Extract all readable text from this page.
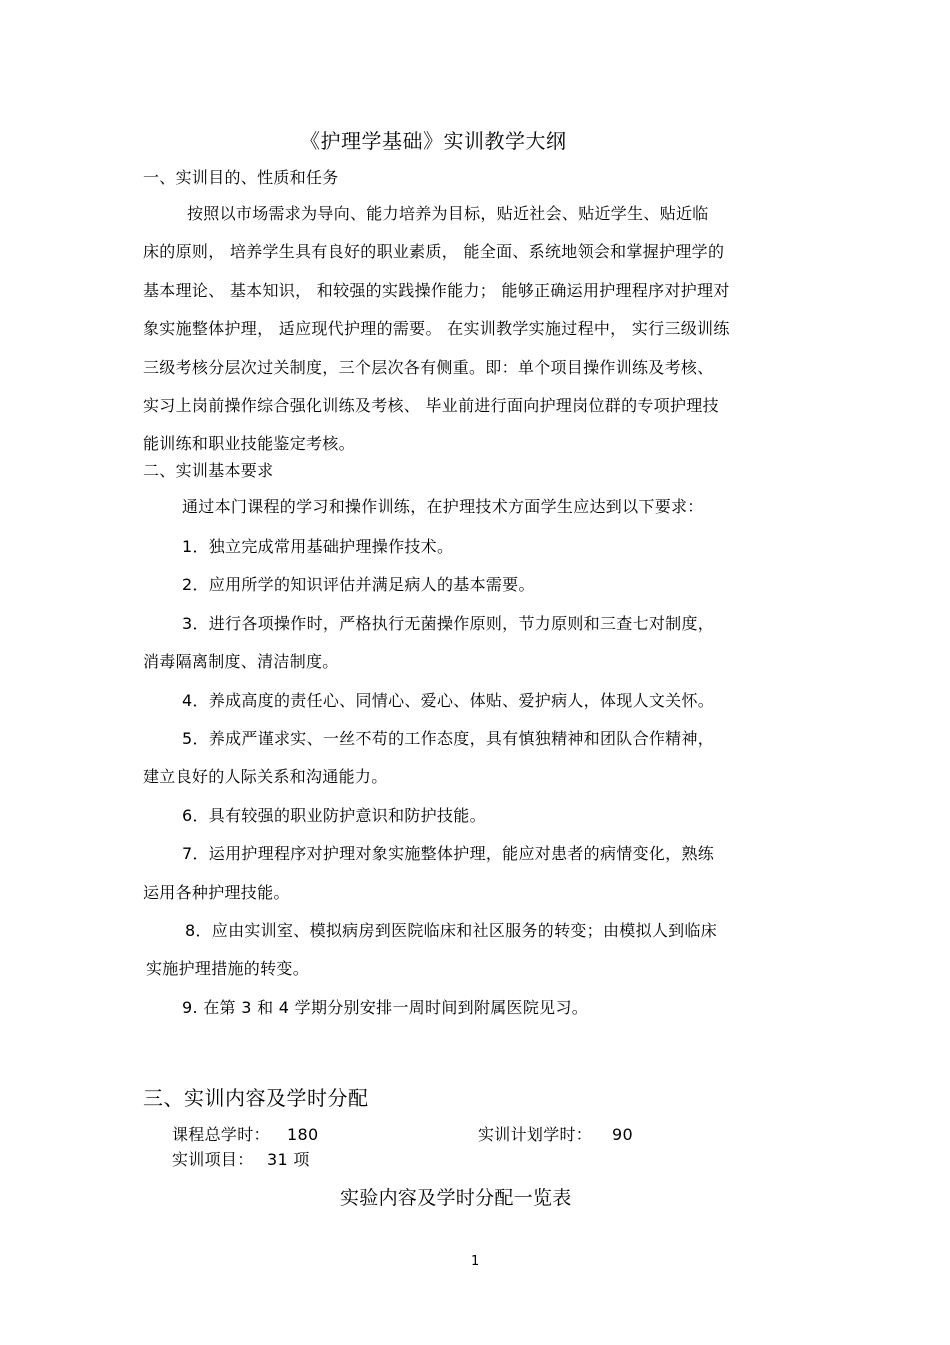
《护理学基础》实训教学大纲
一、实训目的、性质和任务
按照以市场需求为导向、能力培养为目标，贴近社会、贴近学生、贴近临
床的原则， 培养学生具有良好的职业素质， 能全面、系统地领会和掌握护理学的
基本理论、 基本知识， 和较强的实践操作能力； 能够正确运用护理程序对护理对
象实施整体护理， 适应现代护理的需要。 在实训教学实施过程中， 实行三级训练
三级考核分层次过关制度，三个层次各有侧重。即：单个项目操作训练及考核、
实习上岗前操作综合强化训练及考核、 毕业前进行面向护理岗位群的专项护理技
能训练和职业技能鉴定考核。
二、实训基本要求
通过本门课程的学习和操作训练，在护理技术方面学生应达到以下要求：
1．独立完成常用基础护理操作技术。
2．应用所学的知识评估并满足病人的基本需要。
3．进行各项操作时，严格执行无菌操作原则，节力原则和三查七对制度，
消毒隔离制度、清洁制度。
4．养成高度的责任心、同情心、爱心、体贴、爱护病人，体现人文关怀。
5．养成严谨求实、一丝不苟的工作态度，具有慎独精神和团队合作精神，
建立良好的人际关系和沟通能力。
6．具有较强的职业防护意识和防护技能。
7．运用护理程序对护理对象实施整体护理，能应对患者的病情变化，熟练
运用各种护理技能。
8．应由实训室、模拟病房到医院临床和社区服务的转变；由模拟人到临床
实施护理措施的转变。
9. 在第 3 和 4 学期分别安排一周时间到附属医院见习。
三、实训内容及学时分配
课程总学时： 180	实训计划学时： 90
实训项目： 31 项
实验内容及学时分配一览表
1
